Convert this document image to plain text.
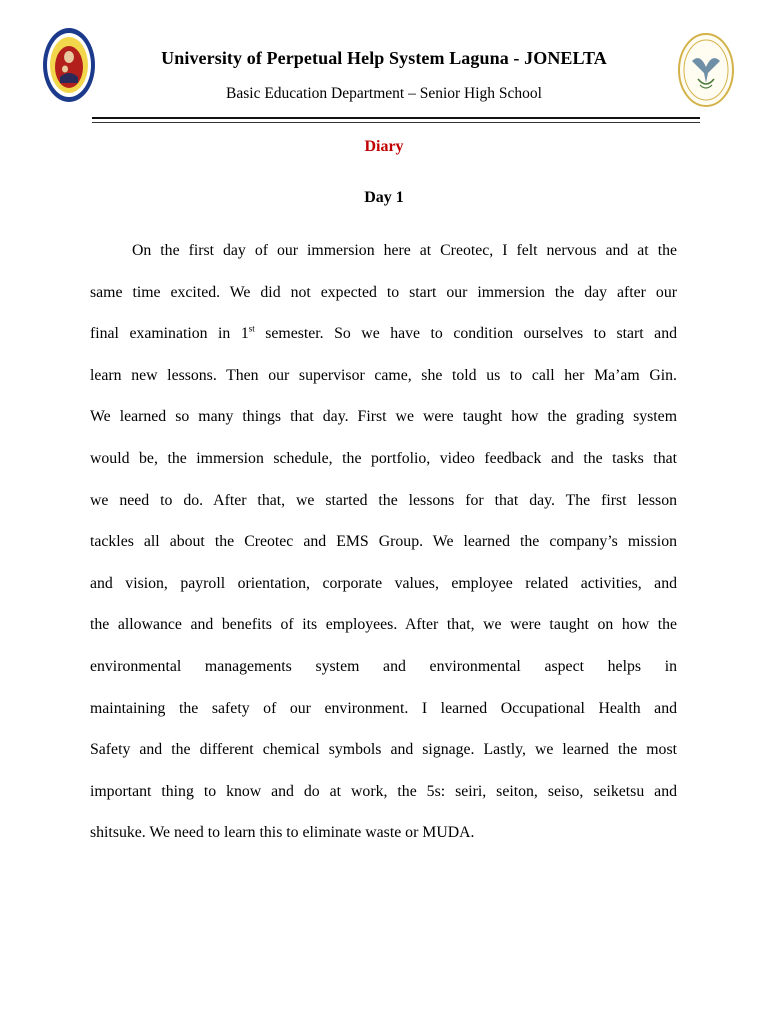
University of Perpetual Help System Laguna - JONELTA
Basic Education Department – Senior High School
Diary
Day 1
On the first day of our immersion here at Creotec, I felt nervous and at the
same time excited. We did not expected to start our immersion the day after our
final examination in 1st semester. So we have to condition ourselves to start and
learn new lessons. Then our supervisor came, she told us to call her Ma’am Gin.
We learned so many things that day. First we were taught how the grading system
would be, the immersion schedule, the portfolio, video feedback and the tasks that
we need to do. After that, we started the lessons for that day. The first lesson
tackles all about the Creotec and EMS Group. We learned the company’s mission
and vision, payroll orientation, corporate values, employee related activities, and
the allowance and benefits of its employees. After that, we were taught on how the
environmental managements system and environmental aspect helps in
maintaining the safety of our environment. I learned Occupational Health and
Safety and the different chemical symbols and signage. Lastly, we learned the most
important thing to know and do at work, the 5s: seiri, seiton, seiso, seiketsu and
shitsuke. We need to learn this to eliminate waste or MUDA.
